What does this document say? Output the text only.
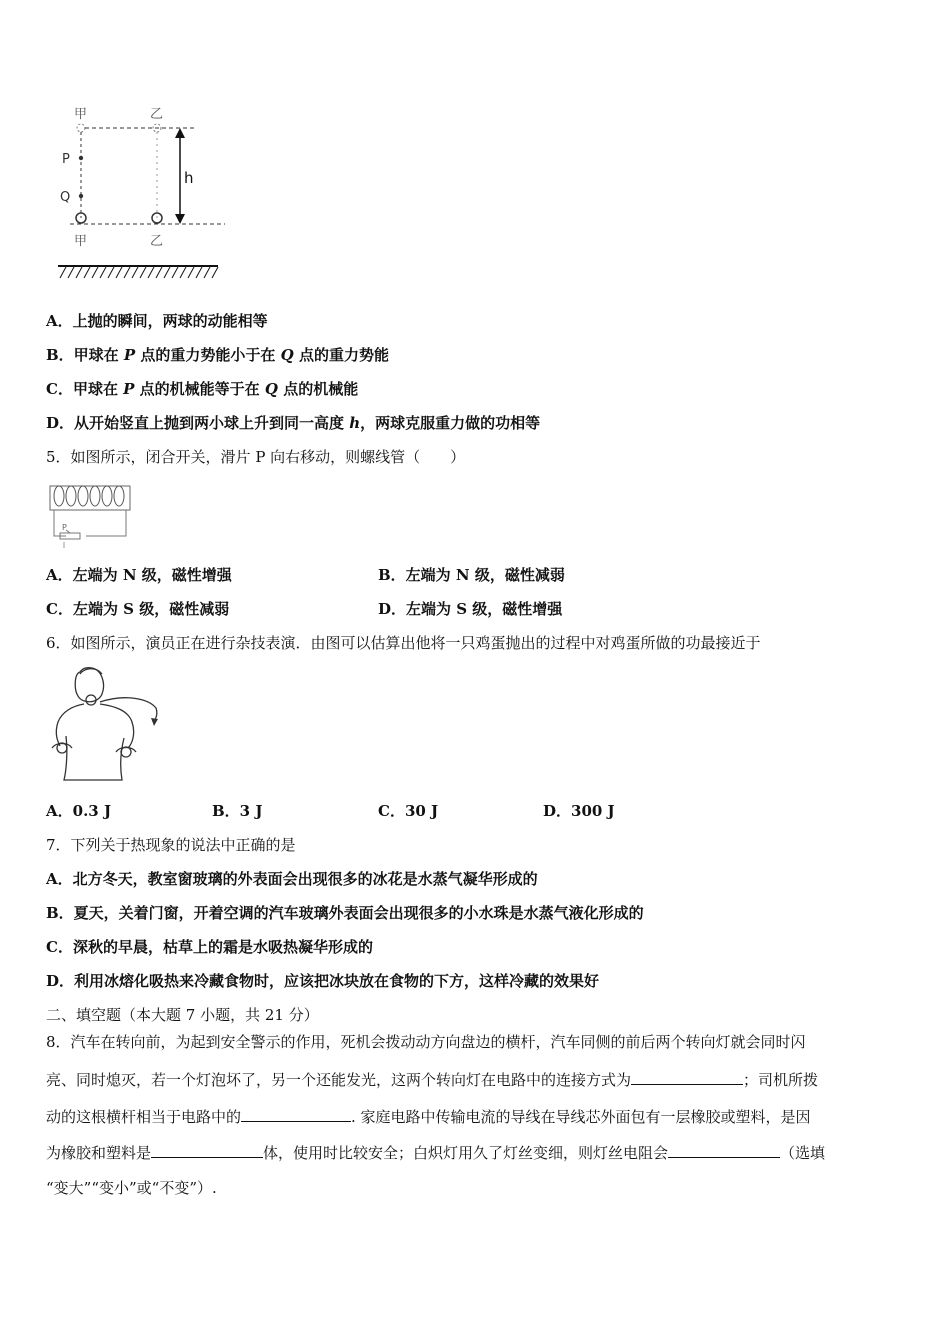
甲	乙
P
Q
h
甲	乙
A．上抛的瞬间，两球的动能相等
B．甲球在 P 点的重力势能小于在 Q 点的重力势能
C．甲球在 P 点的机械能等于在 Q 点的机械能
D．从开始竖直上抛到两小球上升到同一高度 h，两球克服重力做的功相等
5．如图所示，闭合开关，滑片 P 向右移动，则螺线管（　　）
P
A．左端为 N 级，磁性增强	B．左端为 N 级，磁性减弱
C．左端为 S 级，磁性减弱	D．左端为 S 级，磁性增强
6．如图所示，演员正在进行杂技表演．由图可以估算出他将一只鸡蛋抛出的过程中对鸡蛋所做的功最接近于
A．0.3 J	B．3 J	C．30 J	D．300 J
7．下列关于热现象的说法中正确的是
A．北方冬天，教室窗玻璃的外表面会出现很多的冰花是水蒸气凝华形成的
B．夏天，关着门窗，开着空调的汽车玻璃外表面会出现很多的小水珠是水蒸气液化形成的
C．深秋的早晨，枯草上的霜是水吸热凝华形成的
D．利用冰熔化吸热来冷藏食物时，应该把冰块放在食物的下方，这样冷藏的效果好
二、填空题（本大题 7 小题，共 21 分）
8．汽车在转向前，为起到安全警示的作用，死机会拨动动方向盘边的横杆，汽车同侧的前后两个转向灯就会同时闪
亮、同时熄灭，若一个灯泡坏了，另一个还能发光，这两个转向灯在电路中的连接方式为	；司机所拨
动的这根横杆相当于电路中的	. 家庭电路中传输电流的导线在导线芯外面包有一层橡胶或塑料，是因
为橡胶和塑料是	体，使用时比较安全；白炽灯用久了灯丝变细，则灯丝电阻会	（选填
“变大”“变小”或“不变”）.
